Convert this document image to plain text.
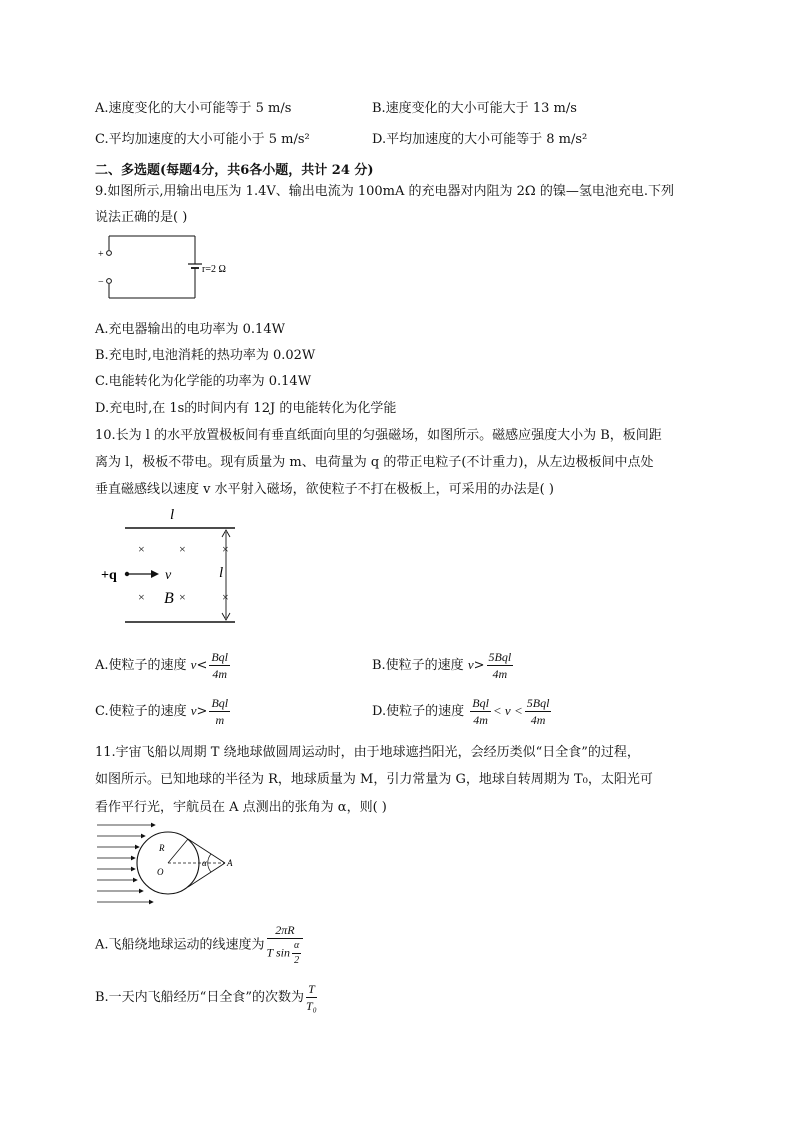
A.速度变化的大小可能等于 5 m/s	B.速度变化的大小可能大于 13 m/s
C.平均加速度的大小可能小于 5 m/s²	D.平均加速度的大小可能等于 8 m/s²
二、多选题(每题4分，共6各小题，共计 24 分)
9.如图所示,用输出电压为 1.4V、输出电流为 100mA 的充电器对内阻为 2Ω 的镍—氢电池充电.下列
说法正确的是( )
+
−
r=2 Ω
A.充电器输出的电功率为 0.14W
B.充电时,电池消耗的热功率为 0.02W
C.电能转化为化学能的功率为 0.14W
D.充电时,在 1s的时间内有 12J 的电能转化为化学能
10.长为 l 的水平放置极板间有垂直纸面向里的匀强磁场，如图所示。磁感应强度大小为 B，板间距
离为 l，极板不带电。现有质量为 m、电荷量为 q 的带正电粒子(不计重力)，从左边极板间中点处
垂直磁感线以速度 v 水平射入磁场，欲使粒子不打在极板上，可采用的办法是( )
l
l
×	×	×
×	×	×
+q	v
B
A.使粒子的速度 $v< \frac{\text{Bql}}{4m}$	B.使粒子的速度 $v> \frac{\text{5Bql}}{4m}$
C.使粒子的速度 $v> \frac{\text{Bql}}{m}$	D.使粒子的速度 $\frac{\text{Bql}}{4m} < v < \frac{\text{5Bql}}{4m}$
11.宇宙飞船以周期 T 绕地球做圆周运动时，由于地球遮挡阳光，会经历类似“日全食”的过程，
如图所示。已知地球的半径为 R，地球质量为 M，引力常量为 G，地球自转周期为 T₀，太阳光可
看作平行光，宇航员在 A 点测出的张角为 α，则( )
R
O
α A
A.飞船绕地球运动的线速度为 $\frac{2\pi R}{T \sin \frac{\alpha}{2}}$
B.一天内飞船经历“日全食”的次数为 $\frac{T}{\text{T₀}}$
